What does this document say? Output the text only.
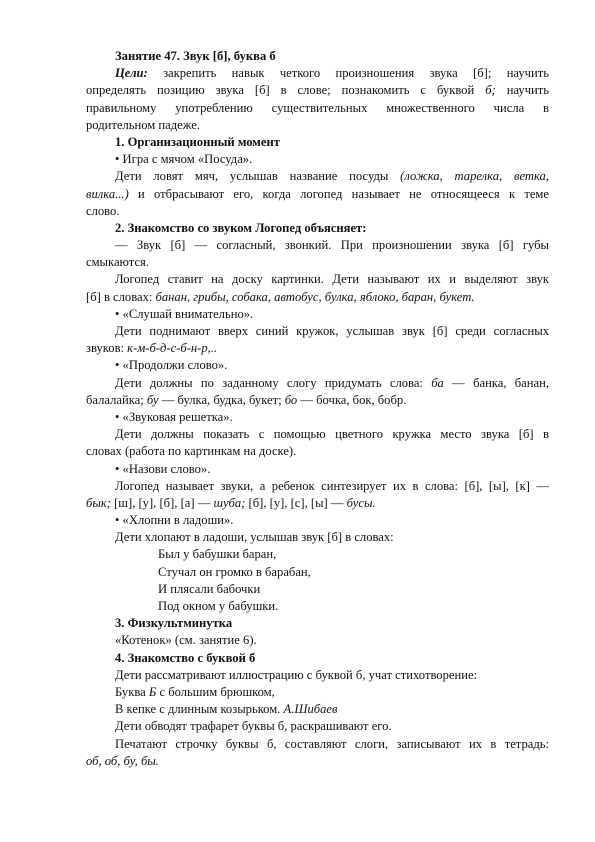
Занятие 47. Звук [б], буква б
Цели: закрепить навык четкого произношения звука [б]; научить
определять позицию звука [б] в слове; познакомить с буквой б; научить
правильному употреблению существительных множественного числа в
родительном падеже.
1. Организационный момент
• Игра с мячом «Посуда».
Дети ловят мяч, услышав название посуды (ложка, тарелка, ветка,
вилка...) и отбрасывают его, когда логопед называет не относящееся к теме
слово.
2. Знакомство со звуком Логопед объясняет:
— Звук [б] — согласный, звонкий. При произношении звука [б] губы
смыкаются.
Логопед ставит на доску картинки. Дети называют их и выделяют звук
[б] в словах: банан, грибы, собака, автобус, булка, яблоко, баран, букет.
• «Слушай внимательно».
Дети поднимают вверх синий кружок, услышав звук [б] среди согласных
звуков: к-м-б-д-с-б-н-р,..
• «Продолжи слово».
Дети должны по заданному слогу придумать слова: ба — банка, банан,
балалайка; бу — булка, будка, букет; бо — бочка, бок, бобр.
• «Звуковая решетка».
Дети должны показать с помощью цветного кружка место звука [б] в
словах (работа по картинкам на доске).
• «Назови слово».
Логопед называет звуки, а ребенок синтезирует их в слова: [б], [ы], [к] —
бык; [ш], [у], [б], [а] — шуба; [б], [у], [с], [ы] — бусы.
• «Хлопни в ладоши».
Дети хлопают в ладоши, услышав звук [б] в словах:
Был у бабушки баран,
Стучал он громко в барабан,
И плясали бабочки
Под окном у бабушки.
3. Физкультминутка
«Котенок» (см. занятие 6).
4. Знакомство с буквой б
Дети рассматривают иллюстрацию с буквой б, учат стихотворение:
Буква Б с большим брюшком,
В кепке с длинным козырьком. А.Шибаев
Дети обводят трафарет буквы б, раскрашивают его.
Печатают строчку буквы б, составляют слоги, записывают их в тетрадь:
об, об, бу, бы.
